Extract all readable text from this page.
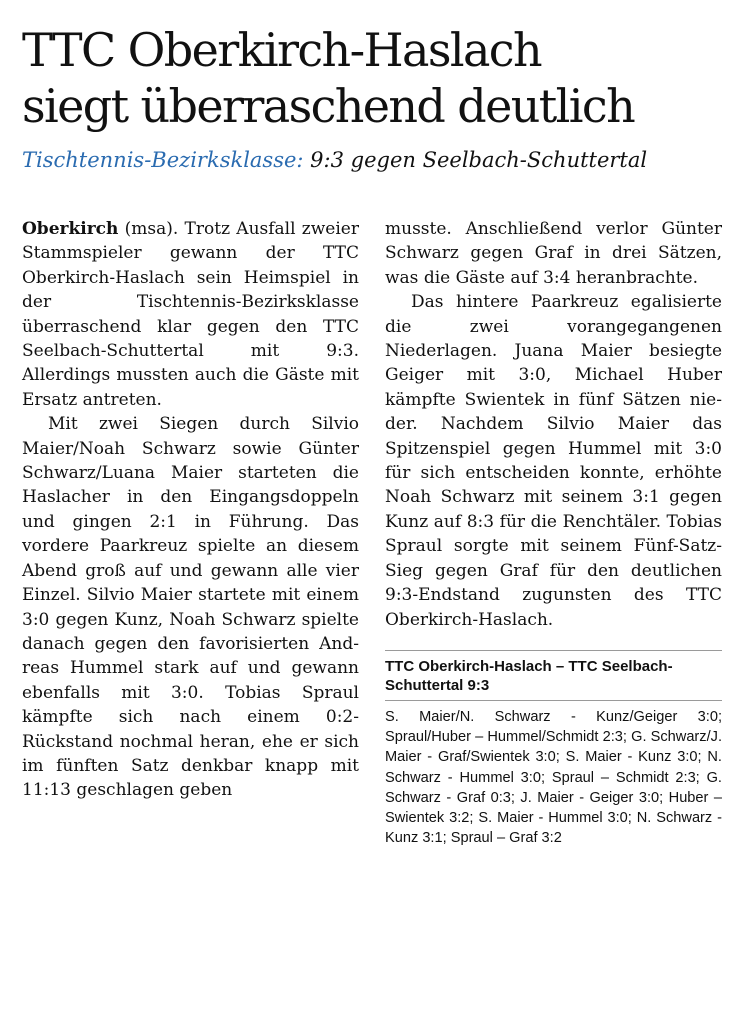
TTC Oberkirch-Haslach
siegt überraschend deutlich

Tischtennis-Bezirksklasse: 9:3 gegen Seelbach-Schuttertal

Oberkirch (msa). Trotz Ausfall zweier Stammspieler gewann der TTC Oberkirch-Haslach sein Heimspiel in der Tischtennis-Bezirksklasse überraschend klar gegen den TTC Seelbach-Schuttertal mit 9:3. Allerdings mussten auch die Gäste mit Ersatz antreten.

Mit zwei Siegen durch Silvio Maier/Noah Schwarz sowie Günter Schwarz/Luana Maier starteten die Haslacher in den Eingangsdoppeln und gingen 2:1 in Führung. Das vordere Paarkreuz spielte an diesem Abend groß auf und gewann alle vier Einzel. Silvio Maier startete mit einem 3:0 gegen Kunz, Noah Schwarz spielte danach gegen den favorisierten Andreas Hummel stark auf und gewann ebenfalls mit 3:0. Tobias Spraul kämpfte sich nach einem 0:2-Rückstand nochmal heran, ehe er sich im fünften Satz denkbar knapp mit 11:13 geschlagen geben

musste. Anschließend verlor Günter Schwarz gegen Graf in drei Sätzen, was die Gäste auf 3:4 heranbrachte.

Das hintere Paarkreuz egalisierte die zwei vorangegangenen Niederlagen. Juana Maier besiegte Geiger mit 3:0, Michael Huber kämpfte Swientek in fünf Sätzen nieder. Nachdem Silvio Maier das Spitzenspiel gegen Hummel mit 3:0 für sich entscheiden konnte, erhöhte Noah Schwarz mit seinem 3:1 gegen Kunz auf 8:3 für die Renchtäler. Tobias Spraul sorgte mit seinem Fünf-Satz-Sieg gegen Graf für den deutlichen 9:3-Endstand zugunsten des TTC Oberkirch-Haslach.

TTC Oberkirch-Haslach – TTC Seelbach-Schuttertal 9:3

S. Maier/N. Schwarz - Kunz/Geiger 3:0; Spraul/Huber – Hummel/Schmidt 2:3; G. Schwarz/J. Maier - Graf/Swientek 3:0; S. Maier - Kunz 3:0; N. Schwarz - Hummel 3:0; Spraul – Schmidt 2:3; G. Schwarz - Graf 0:3; J. Maier - Geiger 3:0; Huber – Swientek 3:2; S. Maier - Hummel 3:0; N. Schwarz - Kunz 3:1; Spraul – Graf 3:2
